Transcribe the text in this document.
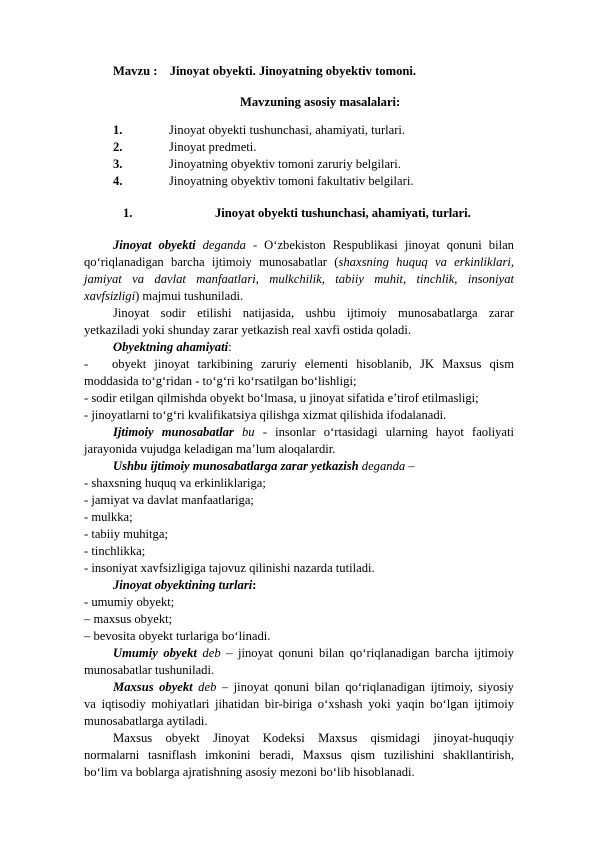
Mavzu : Jinoyat obyekti. Jinoyatning obyektiv tomoni.
Mavzuning asosiy masalalari:
1.	Jinoyat obyekti tushunchasi, ahamiyati, turlari.
2.	Jinoyat predmeti.
3.	Jinoyatning obyektiv tomoni zaruriy belgilari.
4.	Jinoyatning obyektiv tomoni fakultativ belgilari.
1.	Jinoyat obyekti tushunchasi, ahamiyati, turlari.
Jinoyat obyekti deganda ‑ O‘zbekiston Respublikasi jinoyat qonuni bilan
qo‘riqlanadigan barcha ijtimoiy munosabatlar (shaxsning huquq va erkinliklari,
jamiyat va davlat manfaatlari, mulkchilik, tabiiy muhit, tinchlik, insoniyat
xavfsizligi) majmui tushuniladi.
Jinoyat sodir etilishi natijasida, ushbu ijtimoiy munosabatlarga zarar
yetkaziladi yoki shunday zarar yetkazish real xavfi ostida qoladi.
Obyektning ahamiyati:
‑ obyekt jinoyat tarkibining zaruriy elementi hisoblanib, JK Maxsus qism
moddasida to‘g‘ridan - to‘g‘ri ko‘rsatilgan bo‘lishligi;
‑ sodir etilgan qilmishda obyekt bo‘lmasa, u jinoyat sifatida e’tirof etilmasligi;
‑ jinoyatlarni to‘g‘ri kvalifikatsiya qilishga xizmat qilishida ifodalanadi.
Ijtimoiy munosabatlar bu ‑ insonlar o‘rtasidagi ularning hayot faoliyati
jarayonida vujudga keladigan ma’lum aloqalardir.
Ushbu ijtimoiy munosabatlarga zarar yetkazish deganda –
‑ shaxsning huquq va erkinliklariga;
‑ jamiyat va davlat manfaatlariga;
‑ mulkka;
‑ tabiiy muhitga;
‑ tinchlikka;
‑ insoniyat xavfsizligiga tajovuz qilinishi nazarda tutiladi.
Jinoyat obyektining turlari:
‑ umumiy obyekt;
– maxsus obyekt;
– bevosita obyekt turlariga bo‘linadi.
Umumiy obyekt deb – jinoyat qonuni bilan qo‘riqlanadigan barcha ijtimoiy
munosabatlar tushuniladi.
Maxsus obyekt deb – jinoyat qonuni bilan qo‘riqlanadigan ijtimoiy, siyosiy
va iqtisodiy mohiyatlari jihatidan bir-biriga o‘xshash yoki yaqin bo‘lgan ijtimoiy
munosabatlarga aytiladi.
Maxsus obyekt Jinoyat Kodeksi Maxsus qismidagi jinoyat-huquqiy
normalarni tasniflash imkonini beradi, Maxsus qism tuzilishini shakllantirish,
bo‘lim va boblarga ajratishning asosiy mezoni bo‘lib hisoblanadi.
